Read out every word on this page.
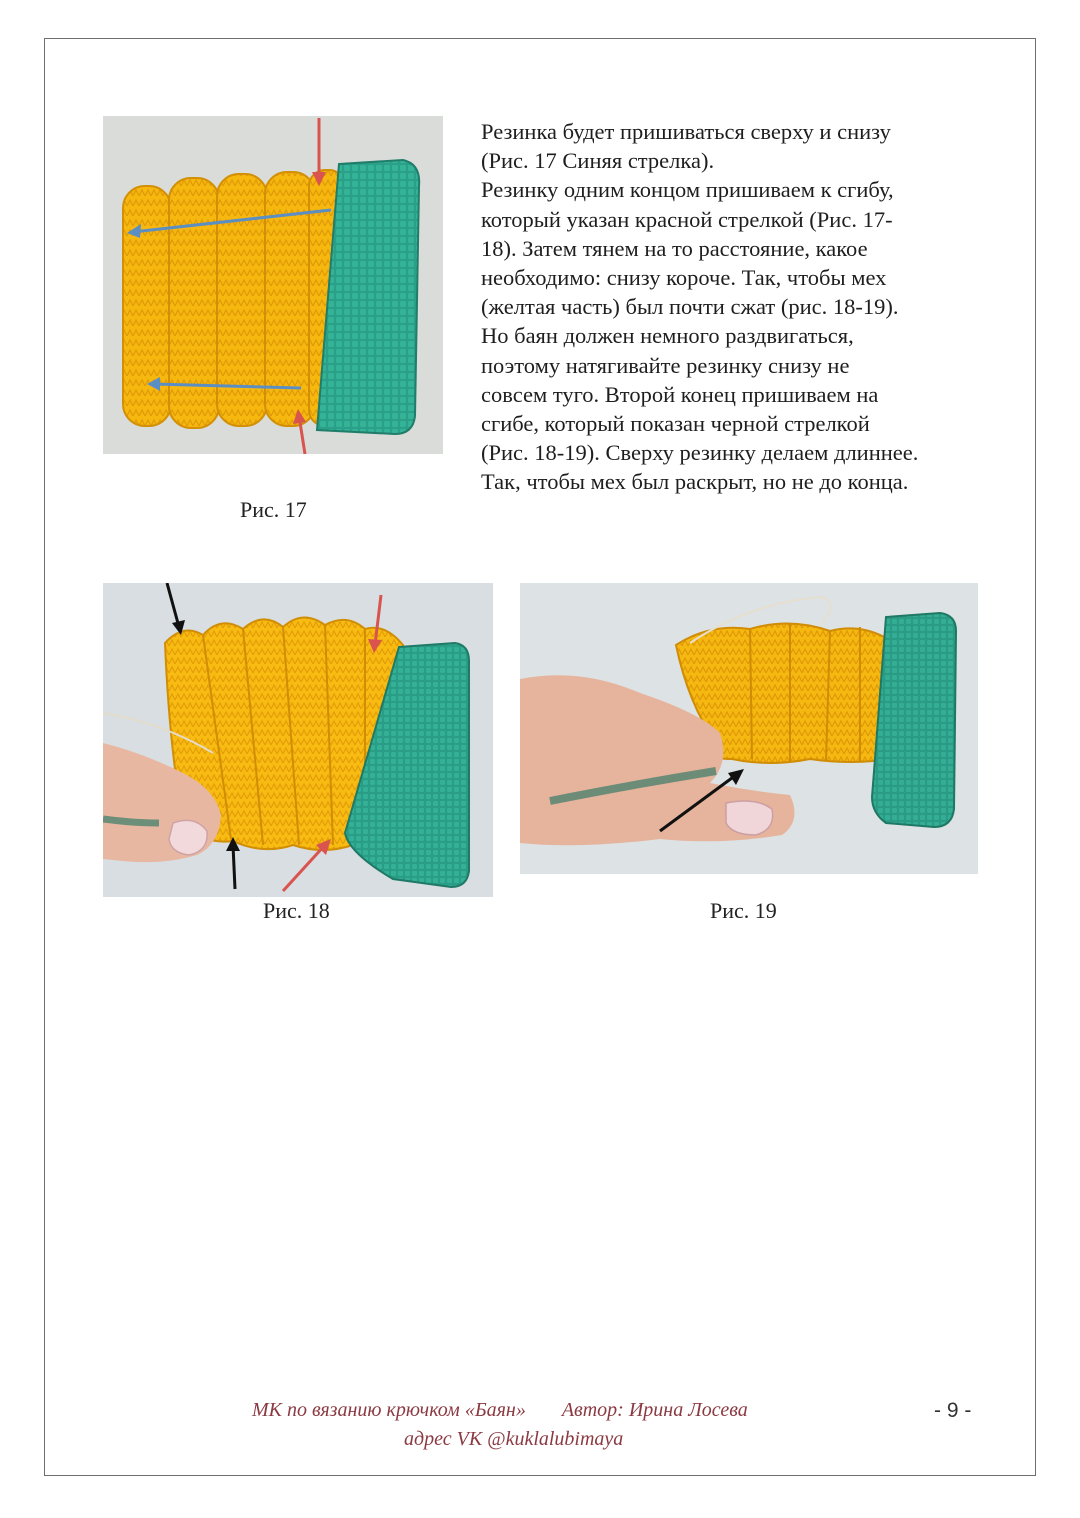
Рис. 17
Резинка будет пришиваться сверху и снизу
(Рис. 17 Синяя стрелка).
Резинку одним концом пришиваем к сгибу,
который указан красной стрелкой (Рис. 17-
18). Затем тянем на то расстояние, какое
необходимо: снизу короче. Так, чтобы мех
(желтая часть) был почти сжат (рис. 18-19).
Но баян должен немного раздвигаться,
поэтому натягивайте резинку снизу не
совсем туго. Второй конец пришиваем на
сгибе, который показан черной стрелкой
(Рис. 18-19). Сверху резинку делаем длиннее.
Так, чтобы мех был раскрыт, но не до конца.
Рис. 18	Рис. 19
МК по вязанию крючком «Баян» Автор: Ирина Лосева
адрес VK @kuklalubimaya
- 9 -
